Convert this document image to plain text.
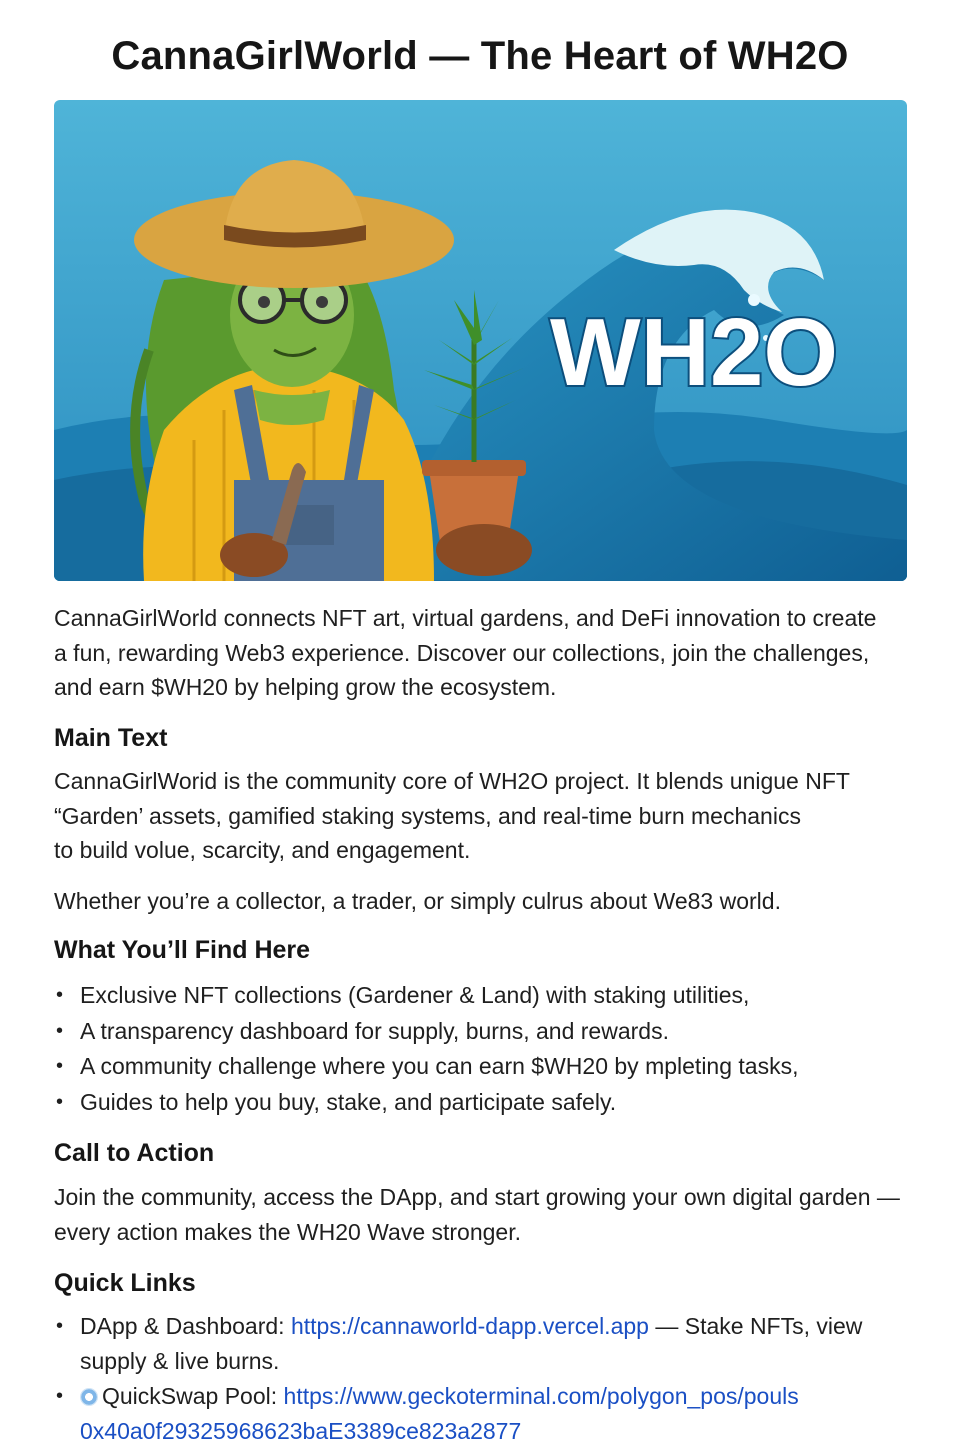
CannaGirlWorld — The Heart of WH2O
WH2O
CannaGirlWorld connects NFT art, virtual gardens, and DeFi innovation to create
a fun, rewarding Web3 experience. Discover our collections, join the challenges,
and earn $WH20 by helping grow the ecosystem.
Main Text
CannaGirlWorid is the community core of WH2O project. It blends unigue NFT
“Garden’ assets, gamified staking systems, and real-time burn mechanics
to build volue, scarcity, and engagement.
Whether you’re a collector, a trader, or simply culrus about We83 world.
What You’ll Find Here
• Exclusive NFT collections (Gardener & Land) with staking utilities,
• A transparency dashboard for supply, burns, and rewards.
• A community challenge where you can earn $WH20 by mpleting tasks,
• Guides to help you buy, stake, and participate safely.
Call to Action
Join the community, access the DApp, and start growing your own digital garden —
every action makes the WH20 Wave stronger.
Quick Links
• DApp & Dashboard: https://cannaworld-dapp.vercel.app — Stake NFTs, view
supply & live burns.
• QuickSwap Pool: https://www.geckoterminal.com/polygon_pos/pouls
0x40a0f29325968623baE3389ce823a2877
